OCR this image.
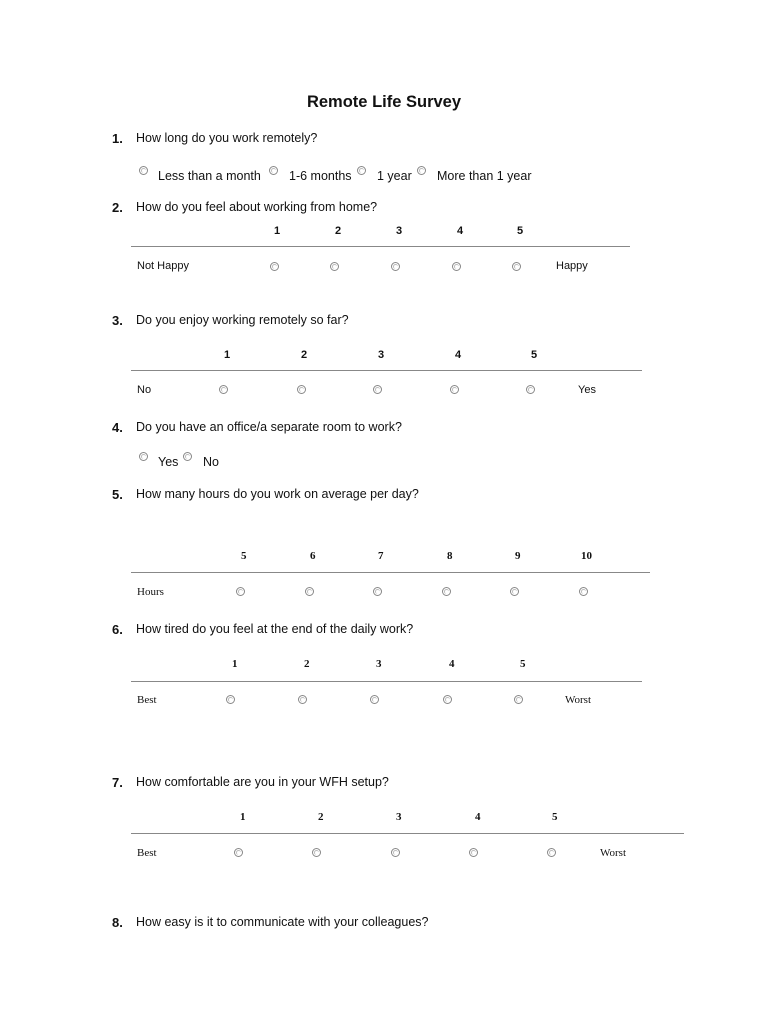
Remote Life Survey
1. How long do you work remotely?
Less than a month 1-6 months 1 year More than 1 year
2. How do you feel about working from home?
1	2	3	4	5
Not Happy	Happy
3. Do you enjoy working remotely so far?
1	2	3	4	5
No	Yes
4. Do you have an office/a separate room to work?
Yes No
5. How many hours do you work on average per day?
5	6	7	8	9	10
Hours
6. How tired do you feel at the end of the daily work?
1	2	3	4	5
Best	Worst
7. How comfortable are you in your WFH setup?
1	2	3	4	5
Best	Worst
8. How easy is it to communicate with your colleagues?
